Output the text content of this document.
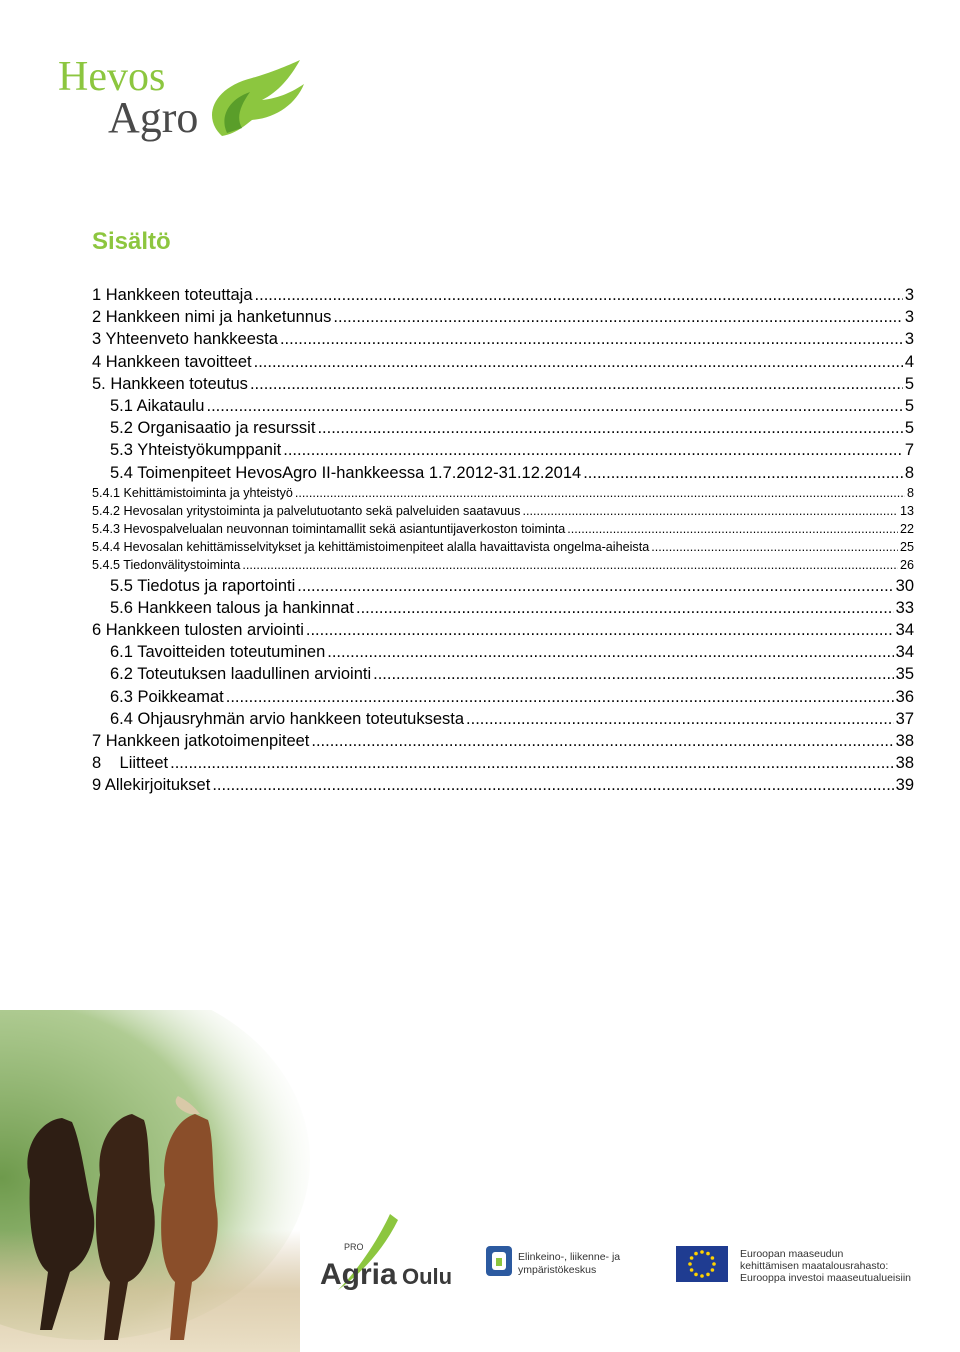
Hevos
Agro
Sisältö
1 Hankkeen toteuttaja .....	3
2 Hankkeen nimi ja hanketunnus .....	3
3 Yhteenveto hankkeesta .....	3
4 Hankkeen tavoitteet .....	4
5. Hankkeen toteutus .....	5
5.1 Aikataulu .....	5
5.2 Organisaatio ja resurssit .....	5
5.3 Yhteistyökumppanit .....	7
5.4 Toimenpiteet HevosAgro II-hankkeessa 1.7.2012-31.12.2014 .....	8
5.4.1 Kehittämistoiminta ja yhteistyö .....	8
5.4.2 Hevosalan yritystoiminta ja palvelutuotanto sekä palveluiden saatavuus .....	13
5.4.3 Hevospalvelualan neuvonnan toimintamallit sekä asiantuntijaverkoston toiminta .....	22
5.4.4 Hevosalan kehittämisselvitykset ja kehittämistoimenpiteet alalla havaittavista ongelma-aiheista .....	25
5.4.5 Tiedonvälitystoiminta .....	26
5.5 Tiedotus ja raportointi .....	30
5.6 Hankkeen talous ja hankinnat .....	33
6 Hankkeen tulosten arviointi .....	34
6.1 Tavoitteiden toteutuminen .....	34
6.2 Toteutuksen laadullinen arviointi .....	35
6.3 Poikkeamat .....	36
6.4 Ohjausryhmän arvio hankkeen toteutuksesta .....	37
7 Hankkeen jatkotoimenpiteet .....	38
8    Liitteet .....	38
9 Allekirjoitukset .....	39
PRO
Agria Oulu
Elinkeino-, liikenne- ja
ympäristökeskus
Euroopan maaseudun
kehittämisen maatalousrahasto:
Eurooppa investoi maaseutualueisiin
